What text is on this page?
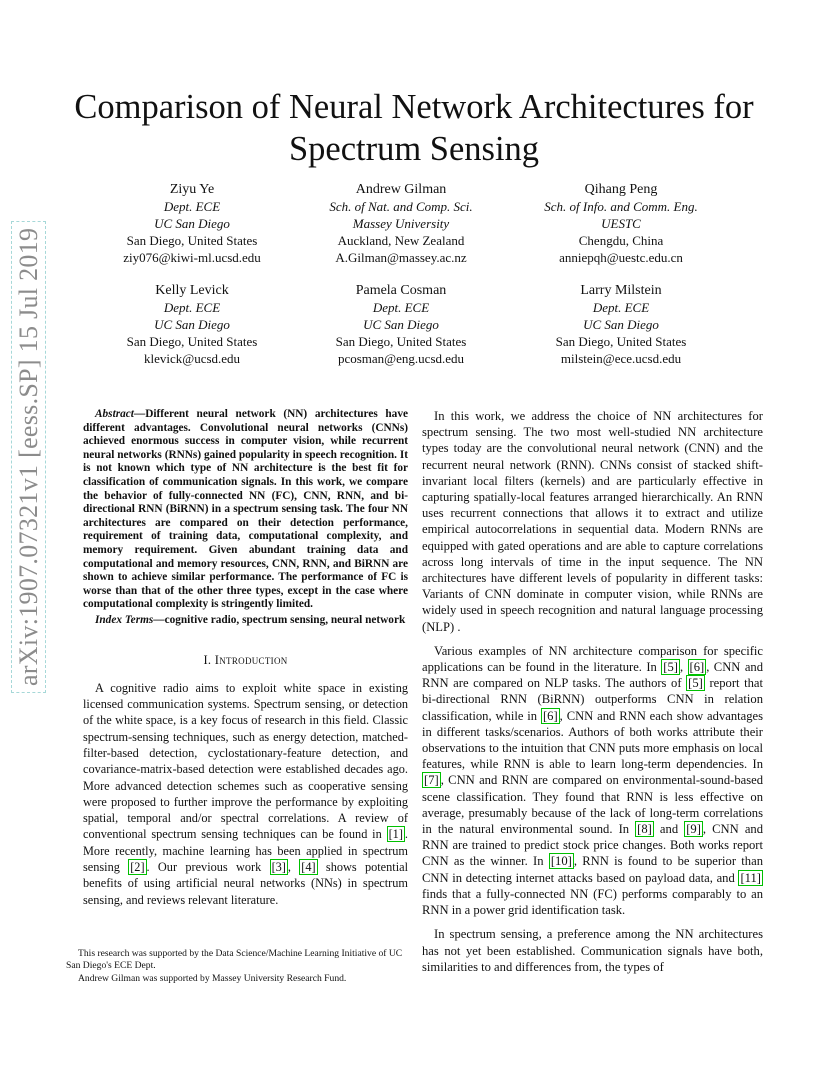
arXiv:1907.07321v1 [eess.SP] 15 Jul 2019
Comparison of Neural Network Architectures for Spectrum Sensing
Ziyu Ye
Dept. ECE
UC San Diego
San Diego, United States
ziy076@kiwi-ml.ucsd.edu
Andrew Gilman
Sch. of Nat. and Comp. Sci.
Massey University
Auckland, New Zealand
A.Gilman@massey.ac.nz
Qihang Peng
Sch. of Info. and Comm. Eng.
UESTC
Chengdu, China
anniepqh@uestc.edu.cn
Kelly Levick
Dept. ECE
UC San Diego
San Diego, United States
klevick@ucsd.edu
Pamela Cosman
Dept. ECE
UC San Diego
San Diego, United States
pcosman@eng.ucsd.edu
Larry Milstein
Dept. ECE
UC San Diego
San Diego, United States
milstein@ece.ucsd.edu

Abstract—Different neural network (NN) architectures have different advantages. Convolutional neural networks (CNNs) achieved enormous success in computer vision, while recurrent neural networks (RNNs) gained popularity in speech recognition. It is not known which type of NN architecture is the best fit for classification of communication signals. In this work, we compare the behavior of fully-connected NN (FC), CNN, RNN, and bi-directional RNN (BiRNN) in a spectrum sensing task. The four NN architectures are compared on their detection performance, requirement of training data, computational complexity, and memory requirement. Given abundant training data and computational and memory resources, CNN, RNN, and BiRNN are shown to achieve similar performance. The performance of FC is worse than that of the other three types, except in the case where computational complexity is stringently limited.

Index Terms—cognitive radio, spectrum sensing, neural network

I. Introduction

A cognitive radio aims to exploit white space in existing licensed communication systems. Spectrum sensing, or detection of the white space, is a key focus of research in this field. Classic spectrum-sensing techniques, such as energy detection, matched-filter-based detection, cyclostationary-feature detection, and covariance-matrix-based detection were established decades ago. More advanced detection schemes such as cooperative sensing were proposed to further improve the performance by exploiting spatial, temporal and/or spectral correlations. A review of conventional spectrum sensing techniques can be found in [1] . More recently, machine learning has been applied in spectrum sensing [2] . Our previous work [3] , [4] shows potential benefits of using artificial neural networks (NNs) in spectrum sensing, and reviews relevant literature.

This research was supported by the Data Science/Machine Learning Initiative of UC San Diego's ECE Dept.

Andrew Gilman was supported by Massey University Research Fund.

In this work, we address the choice of NN architectures for spectrum sensing. The two most well-studied NN architecture types today are the convolutional neural network (CNN) and the recurrent neural network (RNN). CNNs consist of stacked shift-invariant local filters (kernels) and are particularly effective in capturing spatially-local features arranged hierarchically. An RNN uses recurrent connections that allows it to extract and utilize empirical autocorrelations in sequential data. Modern RNNs are equipped with gated operations and are able to capture correlations across long intervals of time in the input sequence. The NN architectures have different levels of popularity in different tasks: Variants of CNN dominate in computer vision, while RNNs are widely used in speech recognition and natural language processing (NLP) .

Various examples of NN architecture comparison for specific applications can be found in the literature. In [5] , [6] , CNN and RNN are compared on NLP tasks. The authors of [5] report that bi-directional RNN (BiRNN) outperforms CNN in relation classification, while in [6] , CNN and RNN each show advantages in different tasks/scenarios. Authors of both works attribute their observations to the intuition that CNN puts more emphasis on local features, while RNN is able to learn long-term dependencies. In [7] , CNN and RNN are compared on environmental-sound-based scene classification. They found that RNN is less effective on average, presumably because of the lack of long-term correlations in the natural environmental sound. In [8] and [9] , CNN and RNN are trained to predict stock price changes. Both works report CNN as the winner. In [10] , RNN is found to be superior than CNN in detecting internet attacks based on payload data, and [11] finds that a fully-connected NN (FC) performs comparably to an RNN in a power grid identification task.

In spectrum sensing, a preference among the NN architectures has not yet been established. Communication signals have both, similarities to and differences from, the types of
